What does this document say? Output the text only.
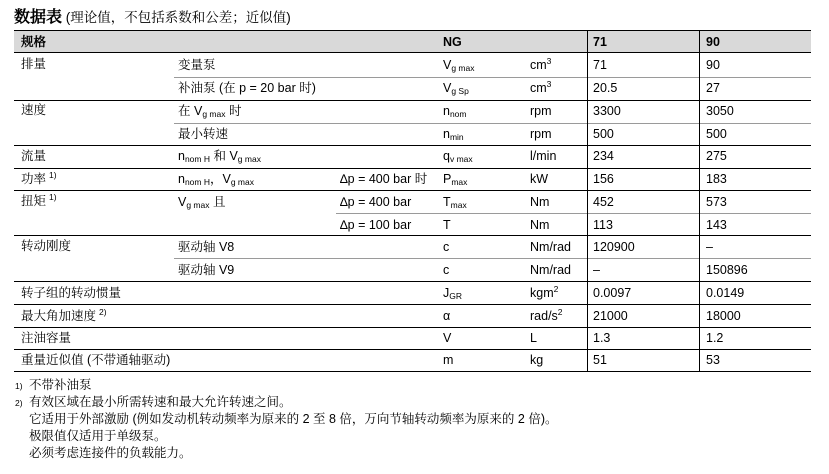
数据表 (理论值，不包括系数和公差；近似值)
规格	NG	71	90
排量	变量泵	$V_{g max}$	$cm^3$	71	90
补油泵 (在 p = 20 bar 时)	$V_{g Sp}$	$cm^3$	20.5	27
速度	在 $V_{g max}$ 时	$n_{nom}$	rpm	3300	3050
最小转速	$n_{min}$	rpm	500	500
流量	$n_{nom H}$ 和 $V_{g max}$	$q_{v max}$	l/min	234	275
功率 $^{1)}$	$n_{nom H}$，$V_{g max}$	∆p = 400 bar 时 $P_{max}$	kW	156	183
扭矩 $^{1)}$	$V_{g max}$ 且	∆p = 400 bar	$T_{max}$	Nm	452	573
∆p = 100 bar	T	Nm	113	143
转动刚度	驱动轴 V8	c	Nm/rad 120900	–
驱动轴 V9	c	Nm/rad –	150896
转子组的转动惯量	$J_{GR}$	kgm$^2$	0.0097	0.0149
最大角加速度 $^{2)}$	α	rad/$s^2$ 21000	18000
注油容量	V	L	1.3	1.2
重量近似值 (不带通轴驱动)	m	kg	51	53
1) 不带补油泵
2) 有效区域在最小所需转速和最大允许转速之间。
它适用于外部激励 (例如发动机转动频率为原来的 2 至 8 倍，万向节轴转动频率为原来的 2 倍)。
极限值仅适用于单级泵。
必须考虑连接件的负载能力。
